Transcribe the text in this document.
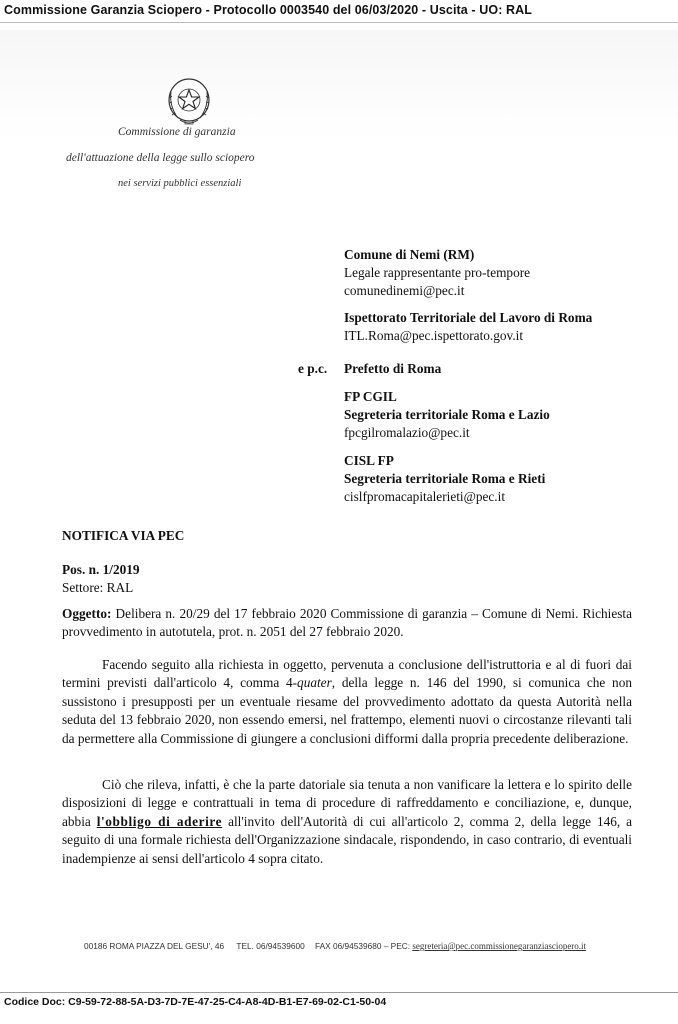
Commissione Garanzia Sciopero - Protocollo 0003540 del 06/03/2020 - Uscita - UO: RAL
Commissione di garanzia
dell'attuazione della legge sullo sciopero
nei servizi pubblici essenziali
Comune di Nemi (RM)
Legale rappresentante pro-tempore
comunedinemi@pec.it
Ispettorato Territoriale del Lavoro di Roma
ITL.Roma@pec.ispettorato.gov.it
e p.c. Prefetto di Roma
FP CGIL
Segreteria territoriale Roma e Lazio
fpcgilromalazio@pec.it
CISL FP
Segreteria territoriale Roma e Rieti
cislfpromacapitalerieti@pec.it
NOTIFICA VIA PEC
Pos. n. 1/2019
Settore: RAL
Oggetto: Delibera n. 20/29 del 17 febbraio 2020 Commissione di garanzia – Comune di Nemi. Richiesta provvedimento in autotutela, prot. n. 2051 del 27 febbraio 2020.
Facendo seguito alla richiesta in oggetto, pervenuta a conclusione dell'istruttoria e al di fuori dai termini previsti dall'articolo 4, comma 4-quater, della legge n. 146 del 1990, si comunica che non sussistono i presupposti per un eventuale riesame del provvedimento adottato da questa Autorità nella seduta del 13 febbraio 2020, non essendo emersi, nel frattempo, elementi nuovi o circostanze rilevanti tali da permettere alla Commissione di giungere a conclusioni difformi dalla propria precedente deliberazione.
Ciò che rileva, infatti, è che la parte datoriale sia tenuta a non vanificare la lettera e lo spirito delle disposizioni di legge e contrattuali in tema di procedure di raffreddamento e conciliazione, e, dunque, abbia l'obbligo di aderire all'invito dell'Autorità di cui all'articolo 2, comma 2, della legge 146, a seguito di una formale richiesta dell'Organizzazione sindacale, rispondendo, in caso contrario, di eventuali inadempienze ai sensi dell'articolo 4 sopra citato.
00186 ROMA PIAZZA DEL GESU', 46 TEL. 06/94539600 FAX 06/94539680 – PEC: segreteria@pec.commissionegaranziasciopero.it
Codice Doc: C9-59-72-88-5A-D3-7D-7E-47-25-C4-A8-4D-B1-E7-69-02-C1-50-04
